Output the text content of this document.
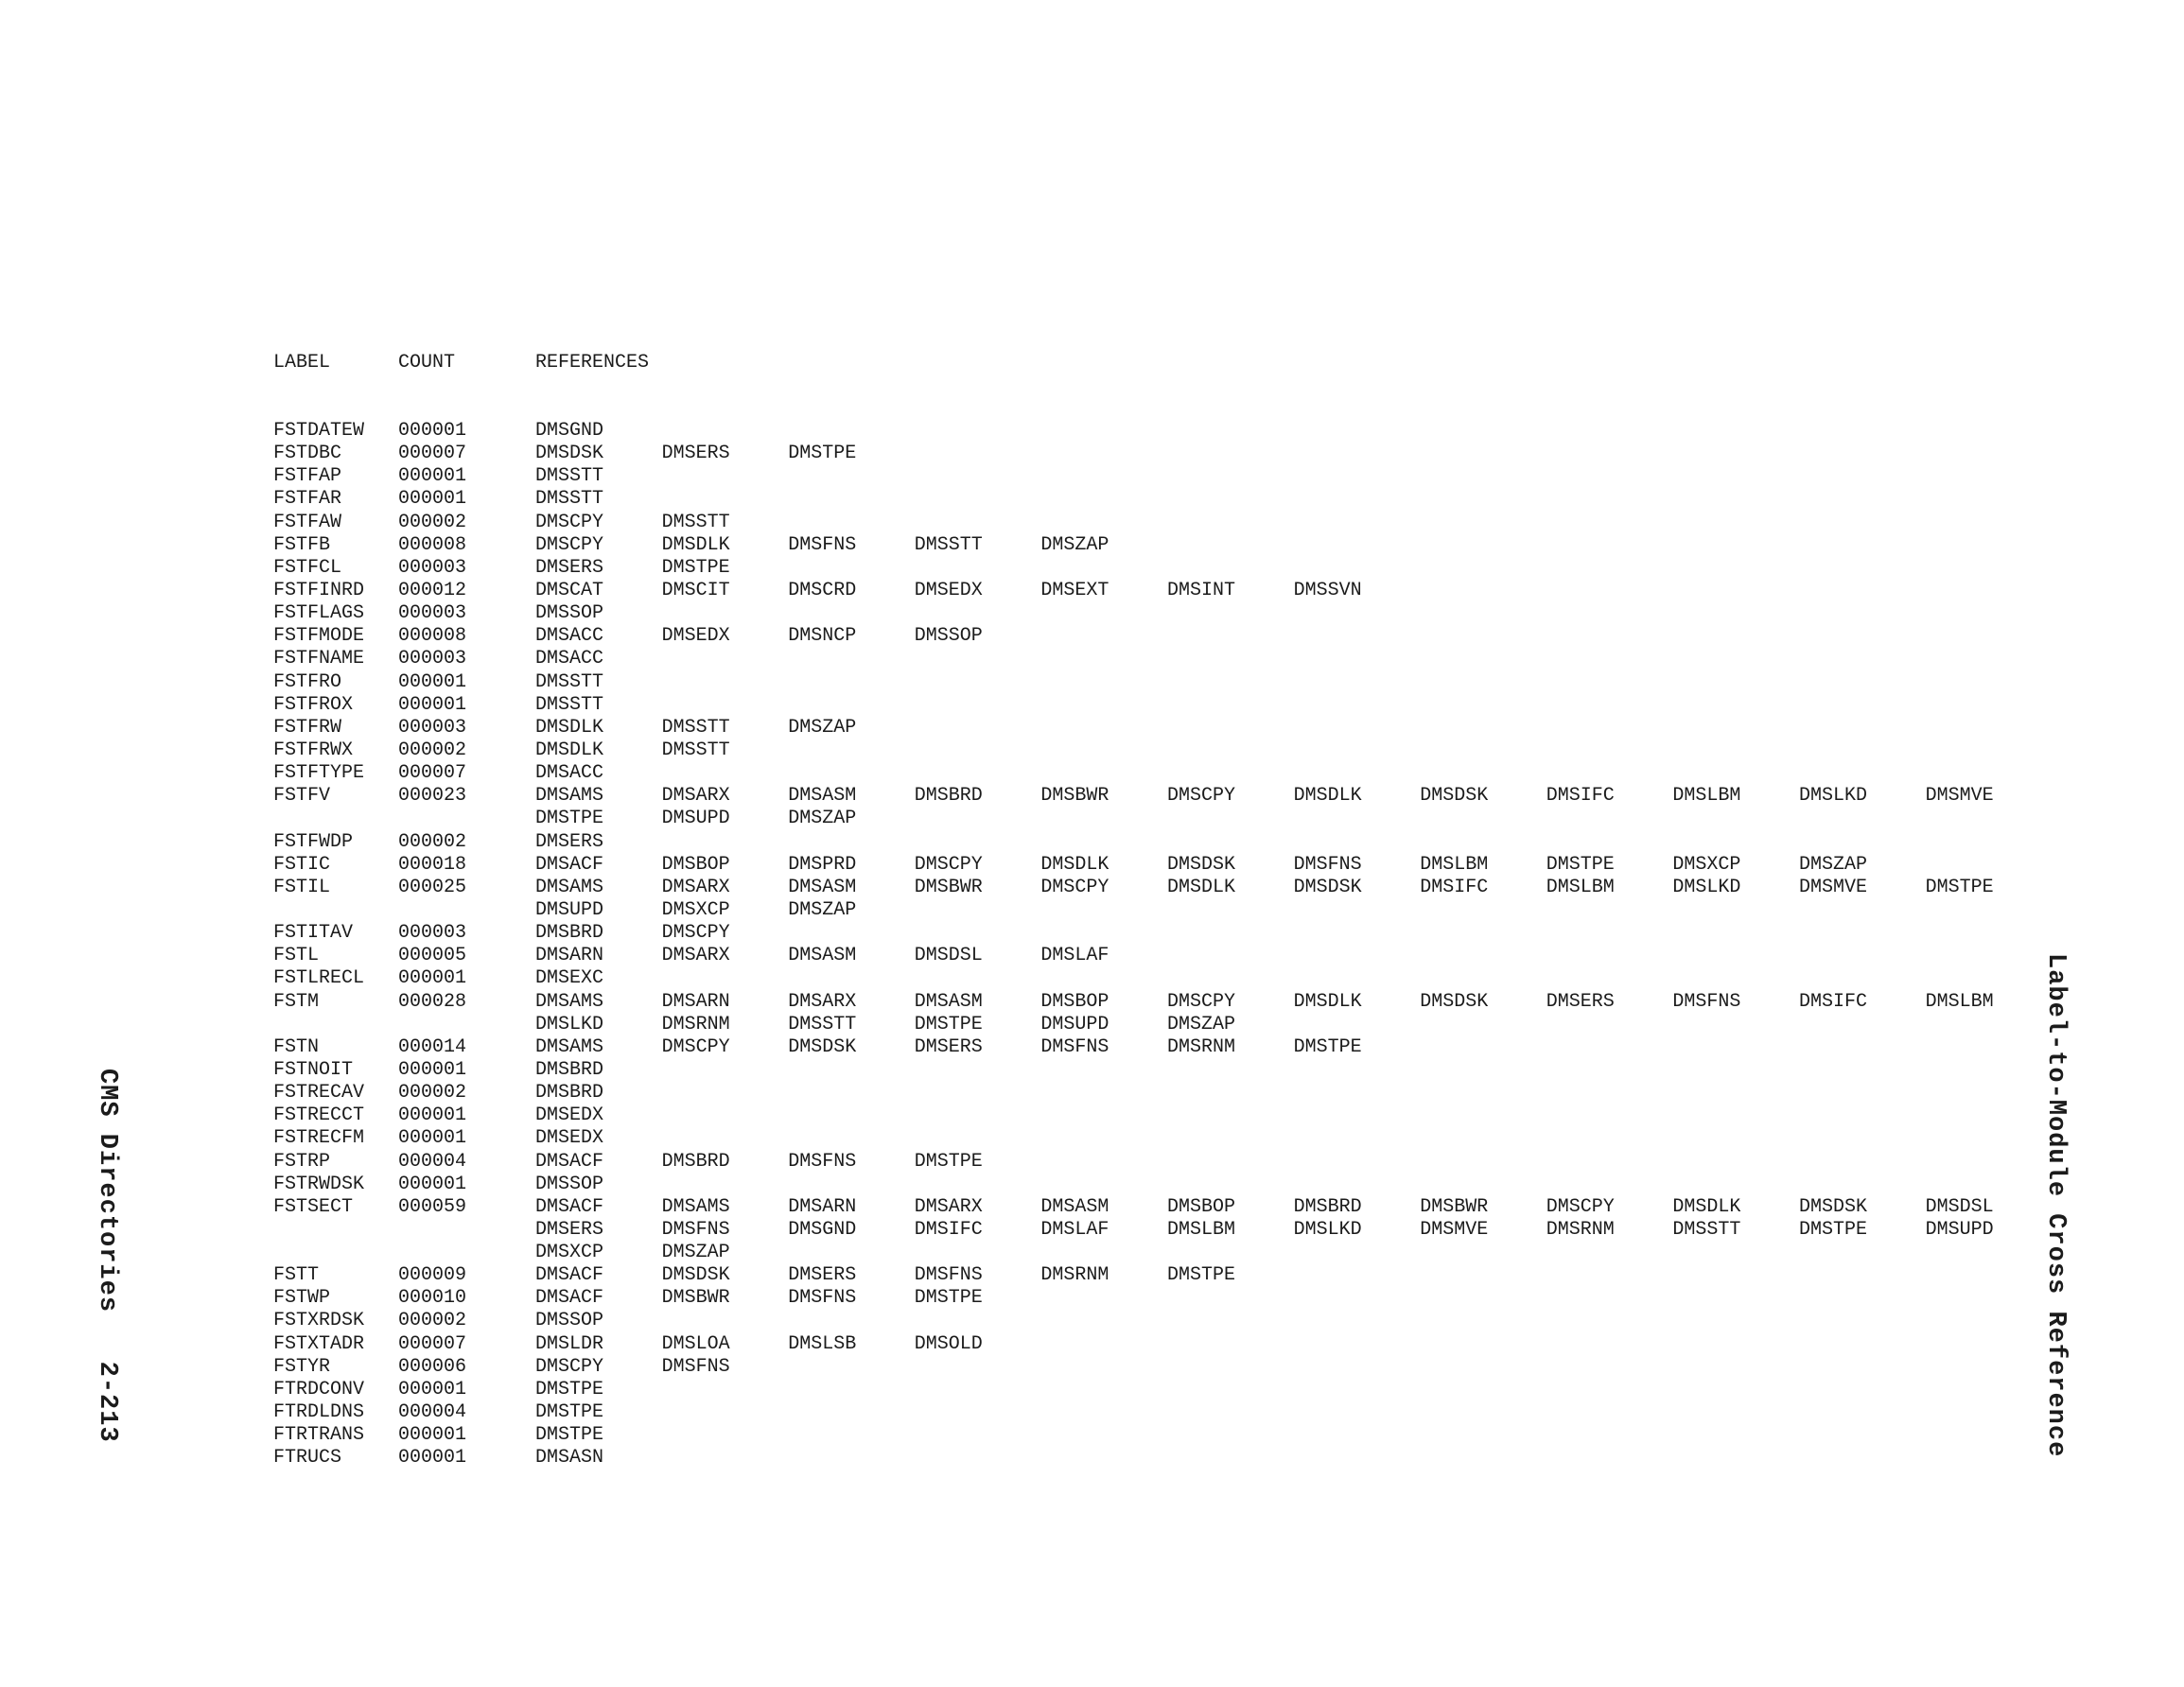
LABEL	COUNT	REFERENCES
FSTDATEW 000001	DMSGND
FSTDBC	000007	DMSDSK	DMSERS	DMSTPE
FSTFAP	000001	DMSSTT
FSTFAR	000001	DMSSTT
FSTFAW	000002	DMSCPY	DMSSTT
FSTFB	000008	DMSCPY	DMSDLK	DMSFNS	DMSSTT	DMSZAP
FSTFCL	000003	DMSERS	DMSTPE
FSTFINRD 000012	DMSCAT	DMSCIT	DMSCRD	DMSEDX	DMSEXT	DMSINT	DMSSVN
FSTFLAGS 000003	DMSSOP
FSTFMODE 000008	DMSACC	DMSEDX	DMSNCP	DMSSOP
FSTFNAME 000003	DMSACC
FSTFRO	000001	DMSSTT
FSTFROX 000001	DMSSTT
FSTFRW	000003	DMSDLK	DMSSTT	DMSZAP
FSTFRWX 000002	DMSDLK	DMSSTT
FSTFTYPE 000007	DMSACC
FSTFV	000023	DMSAMS	DMSARX	DMSASM	DMSBRD	DMSBWR	DMSCPY	DMSDLK	DMSDSK	DMSIFC	DMSLBM	DMSLKD	DMSMVE
DMSTPE	DMSUPD	DMSZAP
FSTFWDP 000002	DMSERS
FSTIC	000018	DMSACF	DMSBOP	DMSPRD	DMSCPY	DMSDLK	DMSDSK	DMSFNS	DMSLBM	DMSTPE	DMSXCP	DMSZAP
FSTIL	000025	DMSAMS	DMSARX	DMSASM	DMSBWR	DMSCPY	DMSDLK	DMSDSK	DMSIFC	DMSLBM	DMSLKD	DMSMVE	DMSTPE
DMSUPD	DMSXCP	DMSZAP
FSTITAV 000003	DMSBRD	DMSCPY
FSTL	000005	DMSARN	DMSARX	DMSASM	DMSDSL	DMSLAF
FSTLRECL 000001	DMSEXC
FSTM	000028	DMSAMS	DMSARN	DMSARX	DMSASM	DMSBOP	DMSCPY	DMSDLK	DMSDSK	DMSERS	DMSFNS	DMSIFC	DMSLBM
DMSLKD	DMSRNM	DMSSTT	DMSTPE	DMSUPD	DMSZAP
FSTN	000014	DMSAMS	DMSCPY	DMSDSK	DMSERS	DMSFNS	DMSRNM	DMSTPE
FSTNOIT 000001	DMSBRD
FSTRECAV 000002	DMSBRD
FSTRECCT 000001	DMSEDX
FSTRECFM 000001	DMSEDX
FSTRP	000004	DMSACF	DMSBRD	DMSFNS	DMSTPE
FSTRWDSK 000001	DMSSOP
FSTSECT 000059	DMSACF	DMSAMS	DMSARN	DMSARX	DMSASM	DMSBOP	DMSBRD	DMSBWR	DMSCPY	DMSDLK	DMSDSK	DMSDSL
DMSERS	DMSFNS	DMSGND	DMSIFC	DMSLAF	DMSLBM	DMSLKD	DMSMVE	DMSRNM	DMSSTT	DMSTPE	DMSUPD
DMSXCP	DMSZAP
FSTT	000009	DMSACF	DMSDSK	DMSERS	DMSFNS	DMSRNM	DMSTPE
FSTWP	000010	DMSACF	DMSBWR	DMSFNS	DMSTPE
FSTXRDSK 000002	DMSSOP
FSTXTADR 000007	DMSLDR	DMSLOA	DMSLSB	DMSOLD
FSTYR	000006	DMSCPY	DMSFNS
FTRDCONV 000001	DMSTPE
FTRDLDNS 000004	DMSTPE
FTRTRANS 000001	DMSTPE
FTRUCS	000001	DMSASN
CMS Directories   2-213	Label-to-Module Cross Reference
